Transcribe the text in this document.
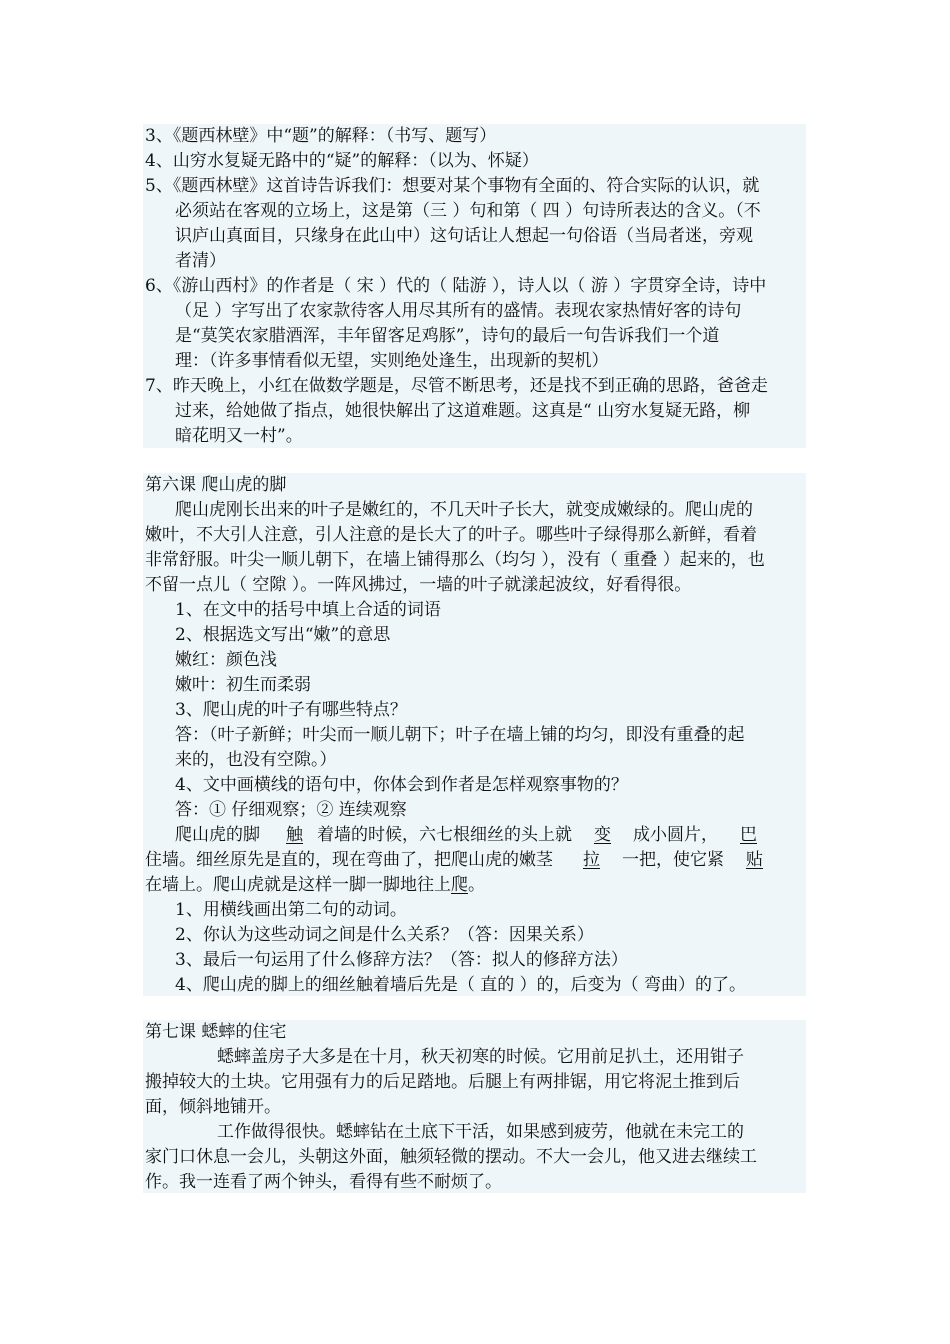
3、《题西林壁》中“题”的解释：（书写、题写）
4、山穷水复疑无路中的“疑”的解释：（以为、怀疑）
5、《题西林壁》这首诗告诉我们：想要对某个事物有全面的、符合实际的认识，就
必须站在客观的立场上，这是第（三 ）句和第（ 四 ）句诗所表达的含义。（不
识庐山真面目，只缘身在此山中）这句话让人想起一句俗语（当局者迷，旁观
者清）
6、《游山西村》的作者是（ 宋 ）代的（ 陆游 ），诗人以（ 游 ）字贯穿全诗，诗中
（足 ）字写出了农家款待客人用尽其所有的盛情。表现农家热情好客的诗句
是“莫笑农家腊酒浑，丰年留客足鸡豚”，诗句的最后一句告诉我们一个道
理：（许多事情看似无望，实则绝处逢生，出现新的契机）
7、昨天晚上，小红在做数学题是，尽管不断思考，还是找不到正确的思路，爸爸走
过来，给她做了指点，她很快解出了这道难题。这真是“ 山穷水复疑无路，柳
暗花明又一村”。
第六课 爬山虎的脚
爬山虎刚长出来的叶子是嫩红的，不几天叶子长大，就变成嫩绿的。爬山虎的
嫩叶，不大引人注意，引人注意的是长大了的叶子。哪些叶子绿得那么新鲜，看着
非常舒服。叶尖一顺儿朝下，在墙上铺得那么（均匀 ），没有（ 重叠 ）起来的，也
不留一点儿（ 空隙 ）。一阵风拂过，一墙的叶子就漾起波纹，好看得很。
1、在文中的括号中填上合适的词语
2、根据选文写出“嫩”的意思
嫩红：颜色浅
嫩叶：初生而柔弱
3、爬山虎的叶子有哪些特点？
答：（叶子新鲜；叶尖而一顺儿朝下；叶子在墙上铺的均匀，即没有重叠的起
来的，也没有空隙。）
4、文中画横线的语句中，你体会到作者是怎样观察事物的？
答：① 仔细观察；② 连续观察
爬山虎的脚 触 着墙的时候，六七根细丝的头上就 变 成小圆片， 巴
住墙。细丝原先是直的，现在弯曲了，把爬山虎的嫩茎 拉 一把，使它紧 贴
在墙上。爬山虎就是这样一脚一脚地往上爬。
1、用横线画出第二句的动词。
2、你认为这些动词之间是什么关系？（答：因果关系）
3、最后一句运用了什么修辞方法？（答：拟人的修辞方法）
4、爬山虎的脚上的细丝触着墙后先是（ 直的 ）的，后变为（ 弯曲）的了。
第七课 蟋蟀的住宅
蟋蟀盖房子大多是在十月，秋天初寒的时候。它用前足扒土，还用钳子
搬掉较大的土块。它用强有力的后足踏地。后腿上有两排锯，用它将泥土推到后
面，倾斜地铺开。
工作做得很快。蟋蟀钻在土底下干活，如果感到疲劳，他就在未完工的
家门口休息一会儿，头朝这外面，触须轻微的摆动。不大一会儿，他又进去继续工
作。我一连看了两个钟头，看得有些不耐烦了。
